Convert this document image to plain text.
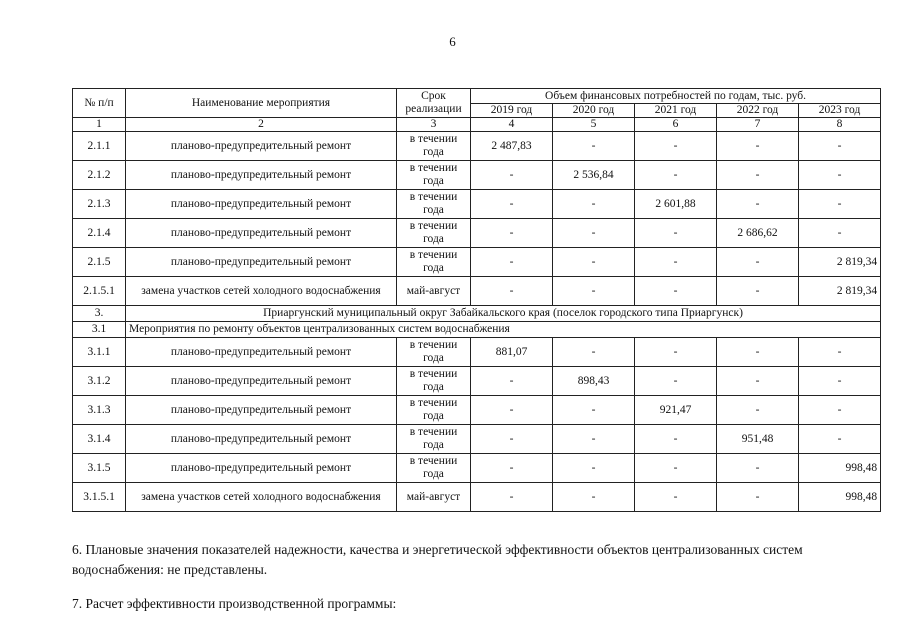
6
№ п/п	Наименование мероприятия	Срок реализации	Объем финансовых потребностей по годам, тыс. руб.				
			2019 год	2020 год	2021 год	2022 год	2023 год
1	2	3	4	5	6	7	8
2.1.1	планово-предупредительный ремонт	в течении года	2 487,83	-	-	-	-
2.1.2	планово-предупредительный ремонт	в течении года	-	2 536,84	-	-	-
2.1.3	планово-предупредительный ремонт	в течении года	-	-	2 601,88	-	-
2.1.4	планово-предупредительный ремонт	в течении года	-	-	-	2 686,62	-
2.1.5	планово-предупредительный ремонт	в течении года	-	-	-	-	2 819,34
2.1.5.1	замена участков сетей холодного водоснабжения	май-август	-	-	-	-	2 819,34
3.	Приаргунский муниципальный округ Забайкальского края (поселок городского типа Приаргунск)						
3.1	Мероприятия по ремонту объектов централизованных систем водоснабжения						
3.1.1	планово-предупредительный ремонт	в течении года	881,07	-	-	-	-
3.1.2	планово-предупредительный ремонт	в течении года	-	898,43	-	-	-
3.1.3	планово-предупредительный ремонт	в течении года	-	-	921,47	-	-
3.1.4	планово-предупредительный ремонт	в течении года	-	-	-	951,48	-
3.1.5	планово-предупредительный ремонт	в течении года	-	-	-	-	998,48
3.1.5.1	замена участков сетей холодного водоснабжения	май-август	-	-	-	-	998,48
6. Плановые значения показателей надежности, качества и энергетической эффективности объектов централизованных систем водоснабжения: не представлены.
7. Расчет эффективности производственной программы:
